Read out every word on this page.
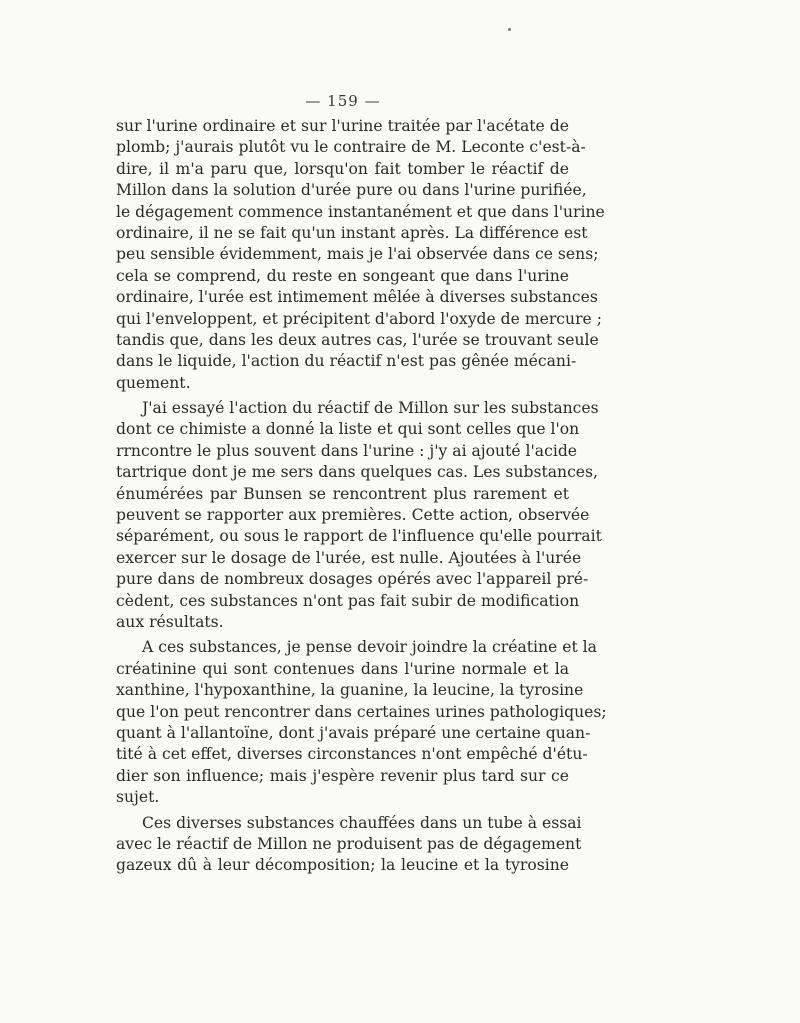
— 159 —
sur l'urine ordinaire et sur l'urine traitée par l'acétate de
plomb; j'aurais plutôt vu le contraire de M. Leconte c'est-à-
dire, il m'a paru que, lorsqu'on fait tomber le réactif de
Millon dans la solution d'urée pure ou dans l'urine purifiée,
le dégagement commence instantanément et que dans l'urine
ordinaire, il ne se fait qu'un instant après. La différence est
peu sensible évidemment, mais je l'ai observée dans ce sens;
cela se comprend, du reste en songeant que dans l'urine
ordinaire, l'urée est intimement mêlée à diverses substances
qui l'enveloppent, et précipitent d'abord l'oxyde de mercure ;
tandis que, dans les deux autres cas, l'urée se trouvant seule
dans le liquide, l'action du réactif n'est pas gênée mécani-
quement.
J'ai essayé l'action du réactif de Millon sur les substances
dont ce chimiste a donné la liste et qui sont celles que l'on
rrncontre le plus souvent dans l'urine : j'y ai ajouté l'acide
tartrique dont je me sers dans quelques cas. Les substances,
énumérées par Bunsen se rencontrent plus rarement et
peuvent se rapporter aux premières. Cette action, observée
séparément, ou sous le rapport de l'influence qu'elle pourrait
exercer sur le dosage de l'urée, est nulle. Ajoutées à l'urée
pure dans de nombreux dosages opérés avec l'appareil pré-
cèdent, ces substances n'ont pas fait subir de modification
aux résultats.
A ces substances, je pense devoir joindre la créatine et la
créatinine qui sont contenues dans l'urine normale et la
xanthine, l'hypoxanthine, la guanine, la leucine, la tyrosine
que l'on peut rencontrer dans certaines urines pathologiques;
quant à l'allantoïne, dont j'avais préparé une certaine quan-
tité à cet effet, diverses circonstances n'ont empêché d'étu-
dier son influence; mais j'espère revenir plus tard sur ce
sujet.
Ces diverses substances chauffées dans un tube à essai
avec le réactif de Millon ne produisent pas de dégagement
gazeux dû à leur décomposition; la leucine et la tyrosine
